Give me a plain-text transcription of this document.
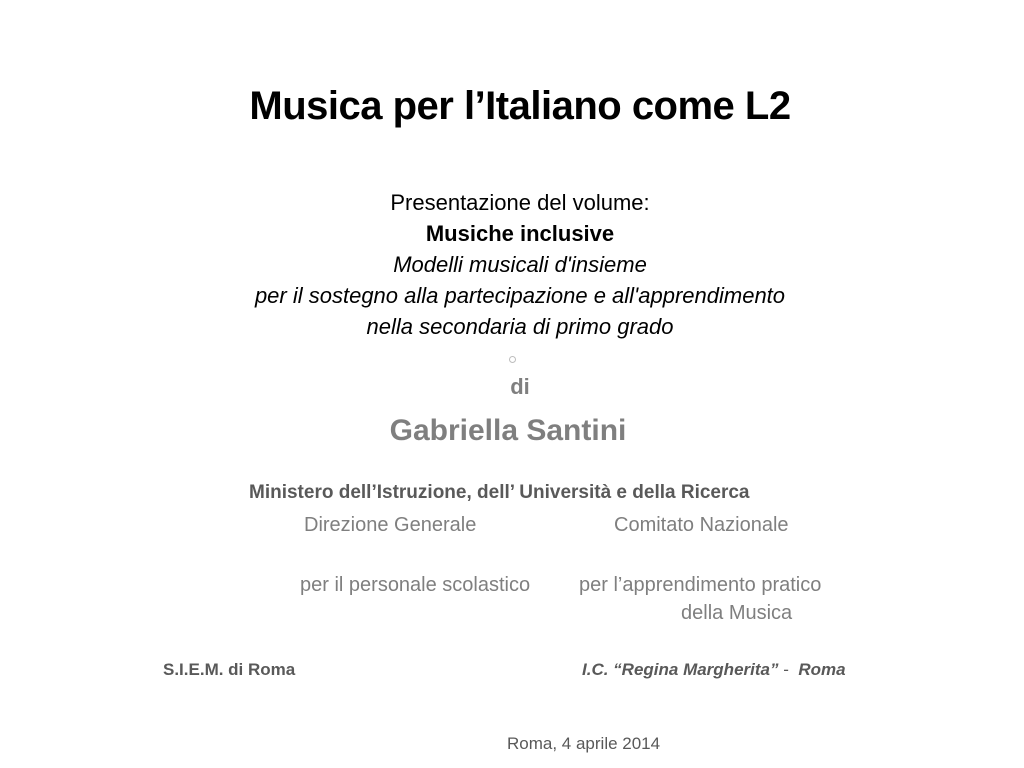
Musica per l’Italiano come L2
Presentazione del volume:
Musiche inclusive
Modelli musicali d'insieme
per il sostegno alla partecipazione e all'apprendimento
nella secondaria di primo grado
di
Gabriella Santini
Ministero dell’Istruzione, dell’ Università e della Ricerca
Direzione Generale	Comitato Nazionale
per il personale scolastico per l’apprendimento pratico
della Musica
S.I.E.M. di Roma	I.C. “Regina Margherita” -  Roma
Roma, 4 aprile 2014
